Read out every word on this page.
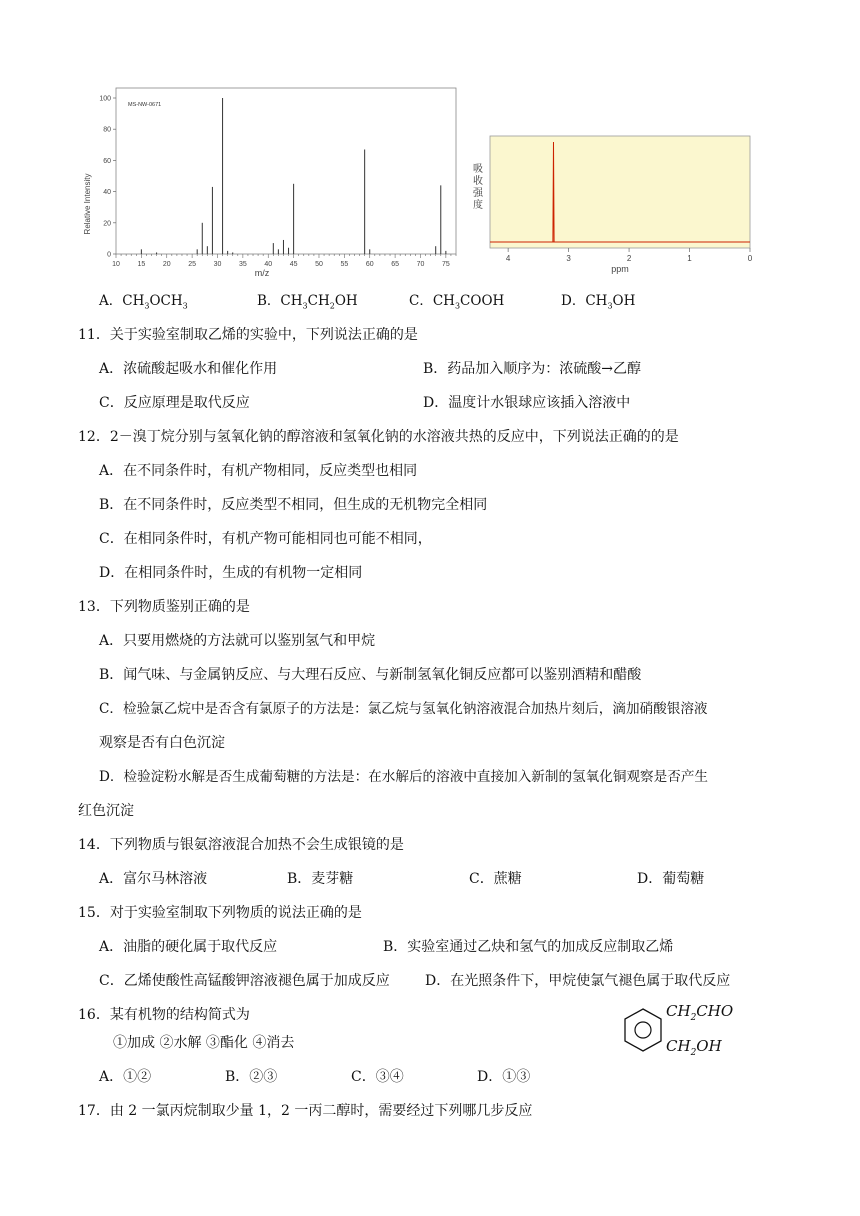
MS-NW-0671
Relative Intensity
m/z
0
20
40
60
80
100
10	15	20	25	30	35	40	45	50	55	60	65	70	75
吸
收
强
度
4	3	2	1	0
ppm
A．$CH_3OCH_3$	B．$CH_3CH_2OH$	C．$CH_3COOH$	D．$CH_3OH$
11．关于实验室制取乙烯的实验中，下列说法正确的是
A．浓硫酸起吸水和催化作用	B．药品加入顺序为：浓硫酸→乙醇
C．反应原理是取代反应	D．温度计水银球应该插入溶液中
12．2－溴丁烷分别与氢氧化钠的醇溶液和氢氧化钠的水溶液共热的反应中，下列说法正确的的是
A．在不同条件时，有机产物相同，反应类型也相同
B．在不同条件时，反应类型不相同，但生成的无机物完全相同
C．在相同条件时，有机产物可能相同也可能不相同，
D．在相同条件时，生成的有机物一定相同
13．下列物质鉴别正确的是
A．只要用燃烧的方法就可以鉴别氢气和甲烷
B．闻气味、与金属钠反应、与大理石反应、与新制氢氧化铜反应都可以鉴别酒精和醋酸
C．检验氯乙烷中是否含有氯原子的方法是：氯乙烷与氢氧化钠溶液混合加热片刻后，滴加硝酸银溶液
观察是否有白色沉淀
D．检验淀粉水解是否生成葡萄糖的方法是：在水解后的溶液中直接加入新制的氢氧化铜观察是否产生
红色沉淀
14．下列物质与银氨溶液混合加热不会生成银镜的是
A．富尔马林溶液	B．麦芽糖	C．蔗糖	D．葡萄糖
15．对于实验室制取下列物质的说法正确的是
A．油脂的硬化属于取代反应	B．实验室通过乙炔和氢气的加成反应制取乙烯
C．乙烯使酸性高锰酸钾溶液褪色属于加成反应	D．在光照条件下，甲烷使氯气褪色属于取代反应
16．某有机物的结构简式为
①加成 ②水解 ③酯化 ④消去
A．①②	B．②③	C．③④	D．①③
$CH_2CHO$
$CH_2OH$
17．由 2 一氯丙烷制取少量 1，2 一丙二醇时，需要经过下列哪几步反应
